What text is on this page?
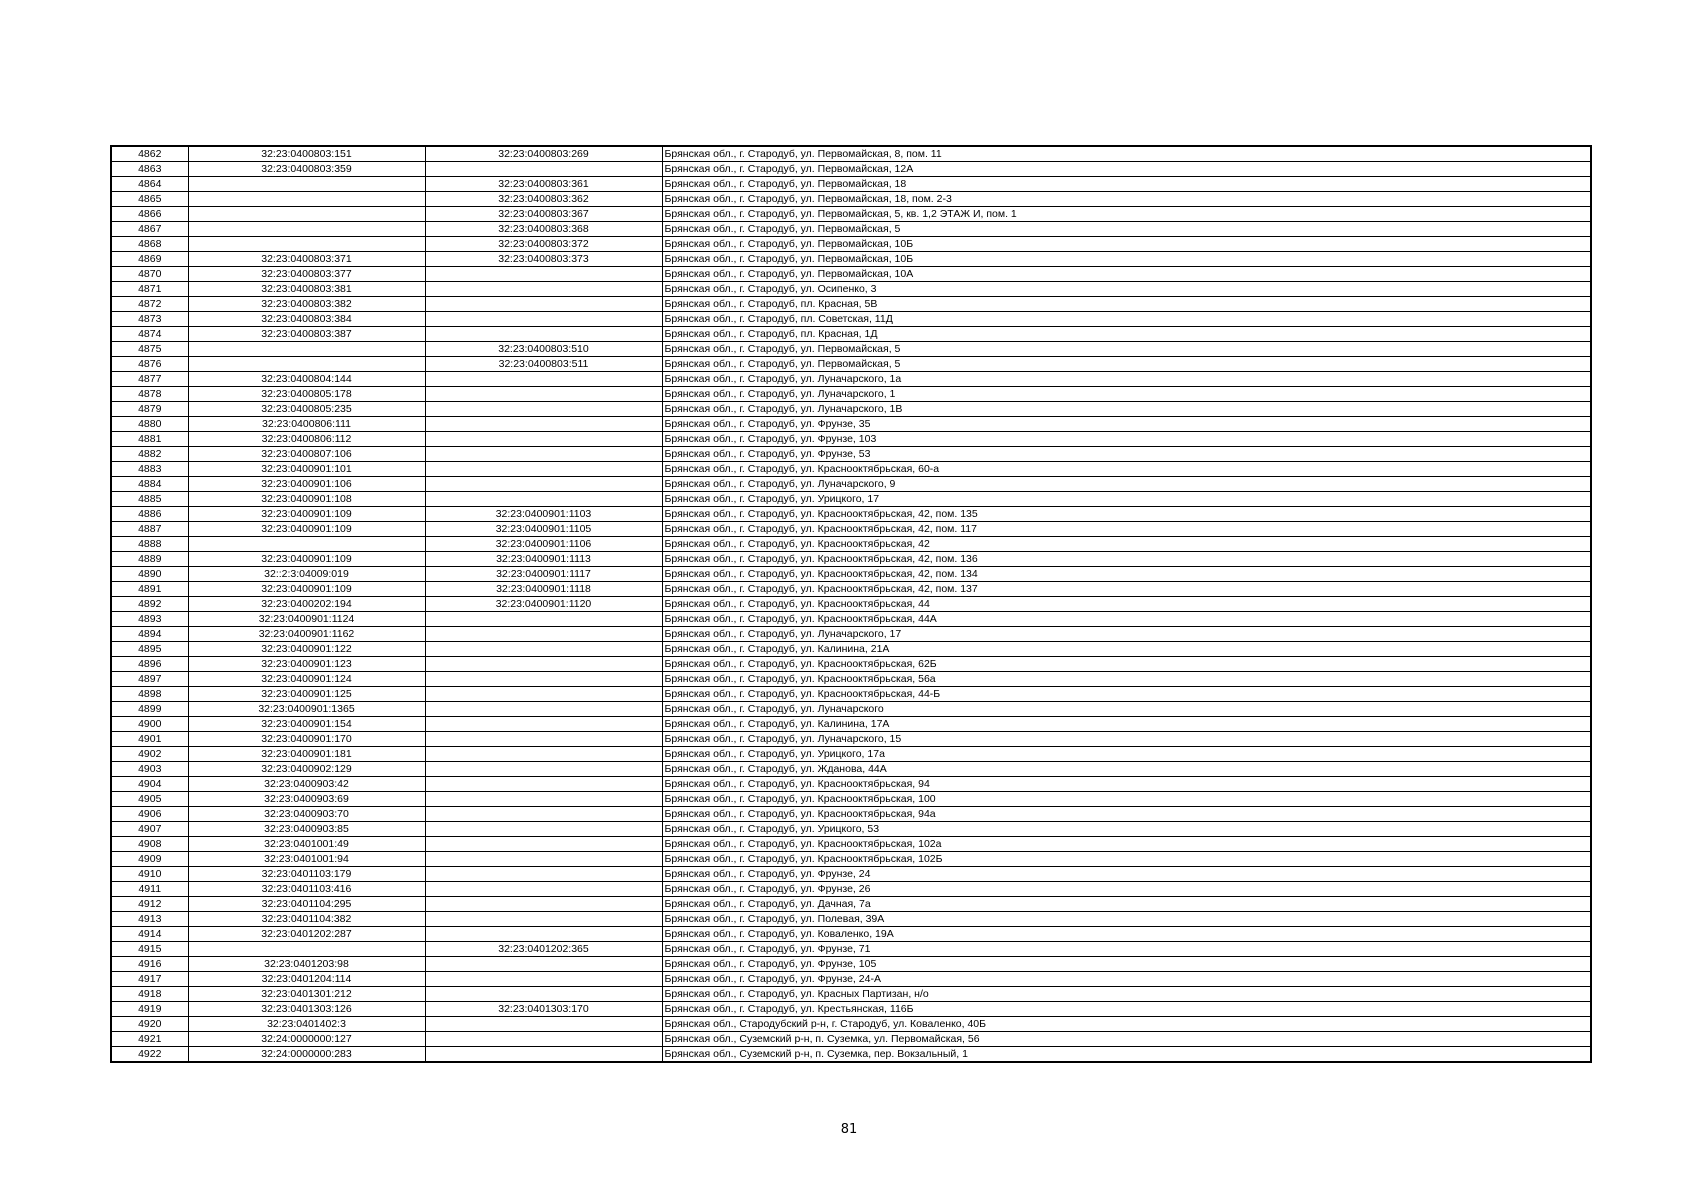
4862	32:23:0400803:151	32:23:0400803:269	Брянская обл., г. Стародуб, ул. Первомайская, 8, пом. 11
4863	32:23:0400803:359		Брянская обл., г. Стародуб, ул. Первомайская, 12А
4864		32:23:0400803:361	Брянская обл., г. Стародуб, ул. Первомайская, 18
4865		32:23:0400803:362	Брянская обл., г. Стародуб, ул. Первомайская, 18, пом. 2-3
4866		32:23:0400803:367	Брянская обл., г. Стародуб, ул. Первомайская, 5, кв. 1,2 ЭТАЖ И, пом. 1
4867		32:23:0400803:368	Брянская обл., г. Стародуб, ул. Первомайская, 5
4868		32:23:0400803:372	Брянская обл., г. Стародуб, ул. Первомайская, 10Б
4869	32:23:0400803:371	32:23:0400803:373	Брянская обл., г. Стародуб, ул. Первомайская, 10Б
4870	32:23:0400803:377		Брянская обл., г. Стародуб, ул. Первомайская, 10А
4871	32:23:0400803:381		Брянская обл., г. Стародуб, ул. Осипенко, 3
4872	32:23:0400803:382		Брянская обл., г. Стародуб, пл. Красная, 5В
4873	32:23:0400803:384		Брянская обл., г. Стародуб, пл. Советская, 11Д
4874	32:23:0400803:387		Брянская обл., г. Стародуб, пл. Красная, 1Д
4875		32:23:0400803:510	Брянская обл., г. Стародуб, ул. Первомайская, 5
4876		32:23:0400803:511	Брянская обл., г. Стародуб, ул. Первомайская, 5
4877	32:23:0400804:144		Брянская обл., г. Стародуб, ул. Луначарского, 1а
4878	32:23:0400805:178		Брянская обл., г. Стародуб, ул. Луначарского, 1
4879	32:23:0400805:235		Брянская обл., г. Стародуб, ул. Луначарского, 1В
4880	32:23:0400806:111		Брянская обл., г. Стародуб, ул. Фрунзе, 35
4881	32:23:0400806:112		Брянская обл., г. Стародуб, ул. Фрунзе, 103
4882	32:23:0400807:106		Брянская обл., г. Стародуб, ул. Фрунзе, 53
4883	32:23:0400901:101		Брянская обл., г. Стародуб, ул. Краснооктябрьская, 60-а
4884	32:23:0400901:106		Брянская обл., г. Стародуб, ул. Луначарского, 9
4885	32:23:0400901:108		Брянская обл., г. Стародуб, ул. Урицкого, 17
4886	32:23:0400901:109	32:23:0400901:1103	Брянская обл., г. Стародуб, ул. Краснооктябрьская, 42, пом. 135
4887	32:23:0400901:109	32:23:0400901:1105	Брянская обл., г. Стародуб, ул. Краснооктябрьская, 42, пом. 117
4888		32:23:0400901:1106	Брянская обл., г. Стародуб, ул. Краснооктябрьская, 42
4889	32:23:0400901:109	32:23:0400901:1113	Брянская обл., г. Стародуб, ул. Краснооктябрьская, 42, пом. 136
4890	32::2:3:04009:019	32:23:0400901:1117	Брянская обл., г. Стародуб, ул. Краснооктябрьская, 42, пом. 134
4891	32:23:0400901:109	32:23:0400901:1118	Брянская обл., г. Стародуб, ул. Краснооктябрьская, 42, пом. 137
4892	32:23:0400202:194	32:23:0400901:1120	Брянская обл., г. Стародуб, ул. Краснооктябрьская, 44
4893	32:23:0400901:1124		Брянская обл., г. Стародуб, ул. Краснооктябрьская, 44А
4894	32:23:0400901:1162		Брянская обл., г. Стародуб, ул. Луначарского, 17
4895	32:23:0400901:122		Брянская обл., г. Стародуб, ул. Калинина, 21А
4896	32:23:0400901:123		Брянская обл., г. Стародуб, ул. Краснооктябрьская, 62Б
4897	32:23:0400901:124		Брянская обл., г. Стародуб, ул. Краснооктябрьская, 56а
4898	32:23:0400901:125		Брянская обл., г. Стародуб, ул. Краснооктябрьская, 44-Б
4899	32:23:0400901:1365		Брянская обл., г. Стародуб, ул. Луначарского
4900	32:23:0400901:154		Брянская обл., г. Стародуб, ул. Калинина, 17А
4901	32:23:0400901:170		Брянская обл., г. Стародуб, ул. Луначарского, 15
4902	32:23:0400901:181		Брянская обл., г. Стародуб, ул. Урицкого, 17а
4903	32:23:0400902:129		Брянская обл., г. Стародуб, ул. Жданова, 44А
4904	32:23:0400903:42		Брянская обл., г. Стародуб, ул. Краснооктябрьская, 94
4905	32:23:0400903:69		Брянская обл., г. Стародуб, ул. Краснооктябрьская, 100
4906	32:23:0400903:70		Брянская обл., г. Стародуб, ул. Краснооктябрьская, 94а
4907	32:23:0400903:85		Брянская обл., г. Стародуб, ул. Урицкого, 53
4908	32:23:0401001:49		Брянская обл., г. Стародуб, ул. Краснооктябрьская, 102а
4909	32:23:0401001:94		Брянская обл., г. Стародуб, ул. Краснооктябрьская, 102Б
4910	32:23:0401103:179		Брянская обл., г. Стародуб, ул. Фрунзе, 24
4911	32:23:0401103:416		Брянская обл., г. Стародуб, ул. Фрунзе, 26
4912	32:23:0401104:295		Брянская обл., г. Стародуб, ул. Дачная, 7а
4913	32:23:0401104:382		Брянская обл., г. Стародуб, ул. Полевая, 39А
4914	32:23:0401202:287		Брянская обл., г. Стародуб, ул. Коваленко, 19А
4915		32:23:0401202:365	Брянская обл., г. Стародуб, ул. Фрунзе, 71
4916	32:23:0401203:98		Брянская обл., г. Стародуб, ул. Фрунзе, 105
4917	32:23:0401204:114		Брянская обл., г. Стародуб, ул. Фрунзе, 24-А
4918	32:23:0401301:212		Брянская обл., г. Стародуб, ул. Красных Партизан, н/о
4919	32:23:0401303:126	32:23:0401303:170	Брянская обл., г. Стародуб, ул. Крестьянская, 116Б
4920	32:23:0401402:3		Брянская обл., Стародубский р-н, г. Стародуб, ул. Коваленко, 40Б
4921	32:24:0000000:127		Брянская обл., Суземский р-н, п. Суземка, ул. Первомайская, 56
4922	32:24:0000000:283		Брянская обл., Суземский р-н, п. Суземка, пер. Вокзальный, 1
81
